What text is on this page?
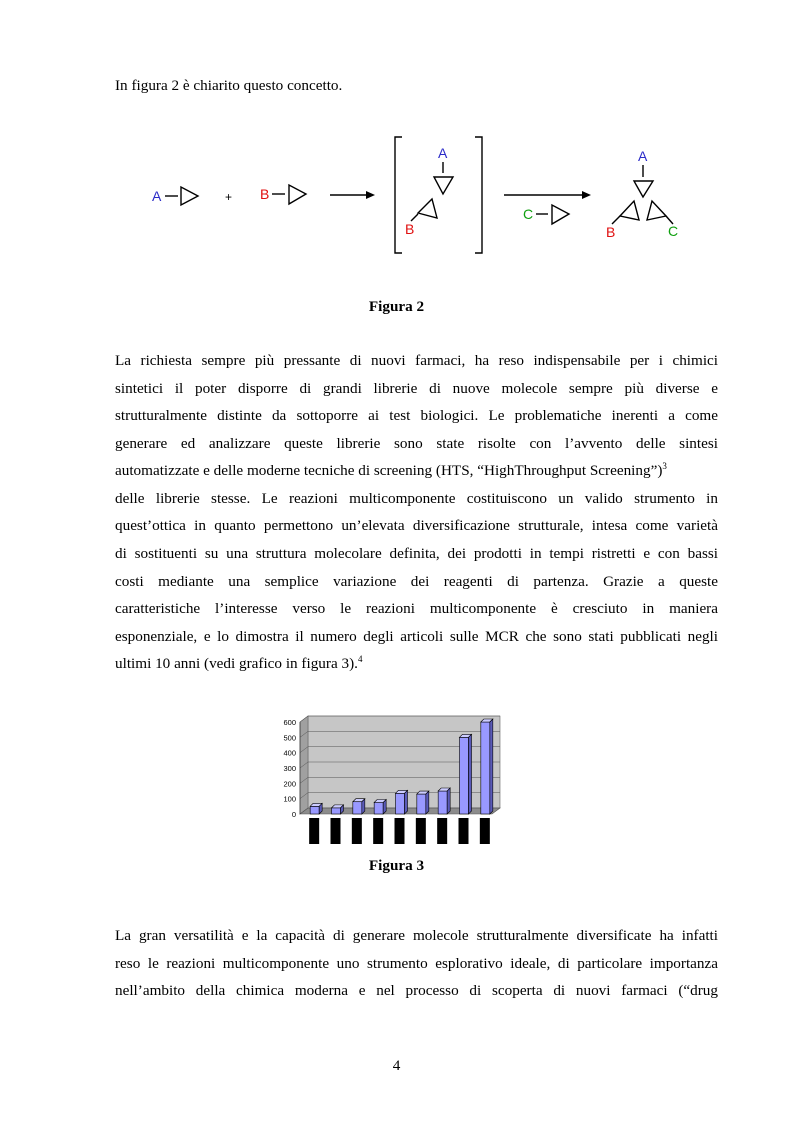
In figura 2 è chiarito questo concetto.
A	+ B
A
B
C
A
B	C
Figura 2
La richiesta sempre più pressante di nuovi farmaci, ha reso indispensabile per i chimici
sintetici il poter disporre di grandi librerie di nuove molecole sempre più diverse e
strutturalmente distinte da sottoporre ai test biologici. Le problematiche inerenti a come
generare ed analizzare queste librerie sono state risolte con l’avvento delle sintesi
automatizzate e delle moderne tecniche di screening (HTS, “HighThroughput Screening”)$^3$
delle librerie stesse. Le reazioni multicomponente costituiscono un valido strumento in
quest’ottica in quanto permettono un’elevata diversificazione strutturale, intesa come varietà
di sostituenti su una struttura molecolare definita, dei prodotti in tempi ristretti e con bassi
costi mediante una semplice variazione dei reagenti di partenza. Grazie a queste
caratteristiche l’interesse verso le reazioni multicomponente è cresciuto in maniera
esponenziale, e lo dimostra il numero degli articoli sulle MCR che sono stati pubblicati negli
ultimi 10 anni (vedi grafico in figura 3).$^4$
0
100
200
300
400
500
600
Figura 3
La gran versatilità e la capacità di generare molecole strutturalmente diversificate ha infatti
reso le reazioni multicomponente uno strumento esplorativo ideale, di particolare importanza
nell’ambito della chimica moderna e nel processo di scoperta di nuovi farmaci (“drug
4
